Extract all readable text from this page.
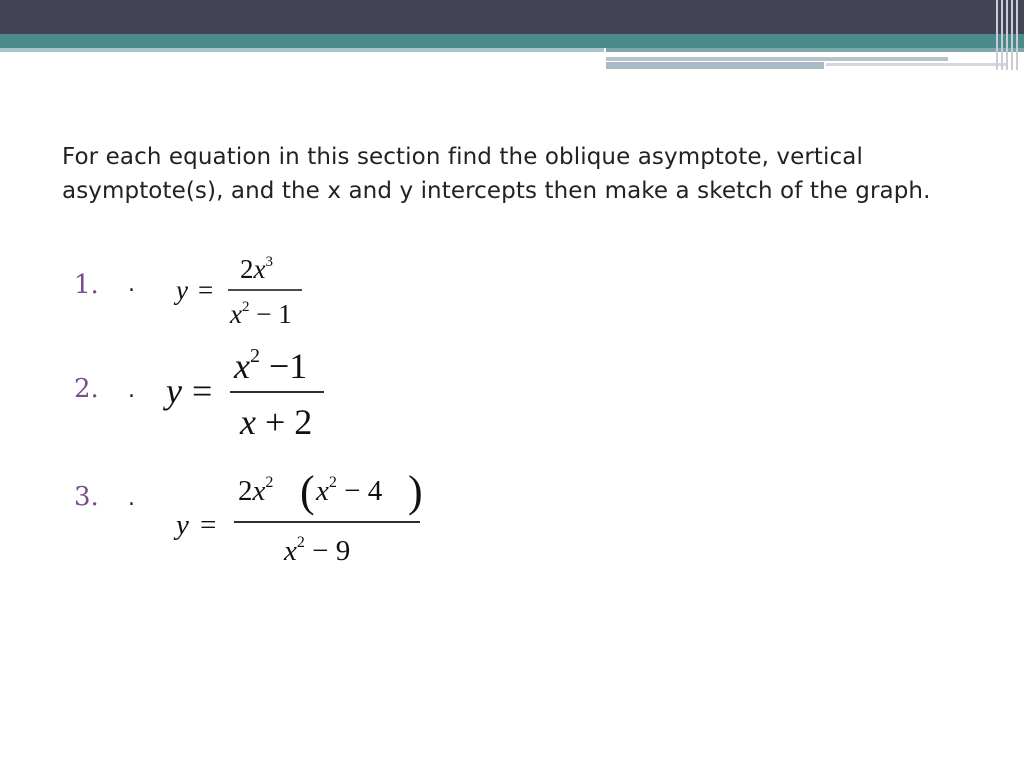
For each equation in this section find the oblique asymptote, vertical asymptote(s), and the x and y intercepts then make a sketch of the graph.
1. . y =
$2x^3$
$x^2 - 1$
2. . y =
$x^2 -1$
x + 2
3. .
y =
$2x^2$ ( $x^2 - 4$ )
$x^2 - 9$
